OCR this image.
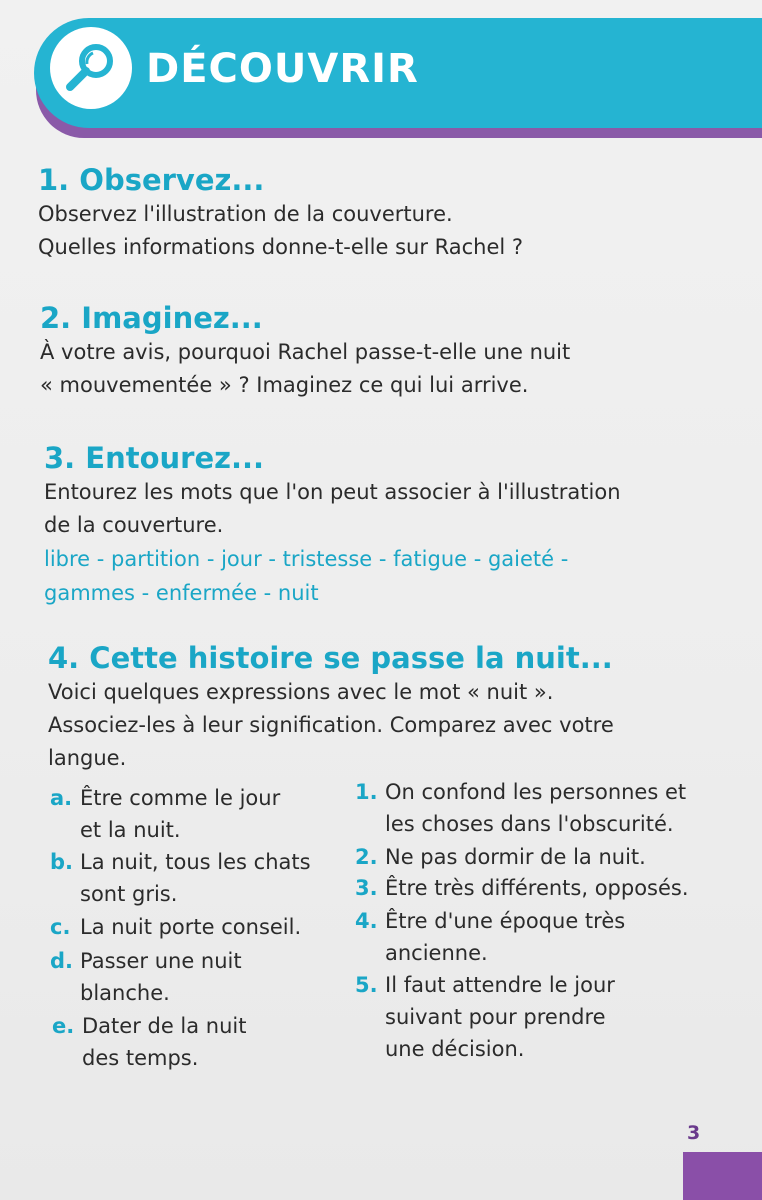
DÉCOUVRIR
1. Observez...
Observez l'illustration de la couverture.
Quelles informations donne-t-elle sur Rachel ?
2. Imaginez...
À votre avis, pourquoi Rachel passe-t-elle une nuit
« mouvementée » ? Imaginez ce qui lui arrive.
3. Entourez...
Entourez les mots que l'on peut associer à l'illustration
de la couverture.
libre - partition - jour - tristesse - fatigue - gaieté -
gammes - enfermée - nuit
4. Cette histoire se passe la nuit...
Voici quelques expressions avec le mot « nuit ».
Associez-les à leur signification. Comparez avec votre
langue.
a. Être comme le jour
et la nuit.
b. La nuit, tous les chats
sont gris.
c. La nuit porte conseil.
d. Passer une nuit
blanche.
e. Dater de la nuit
des temps.
1. On confond les personnes et
les choses dans l'obscurité.
2. Ne pas dormir de la nuit.
3. Être très différents, opposés.
4. Être d'une époque très
ancienne.
5. Il faut attendre le jour
suivant pour prendre
une décision.
3
